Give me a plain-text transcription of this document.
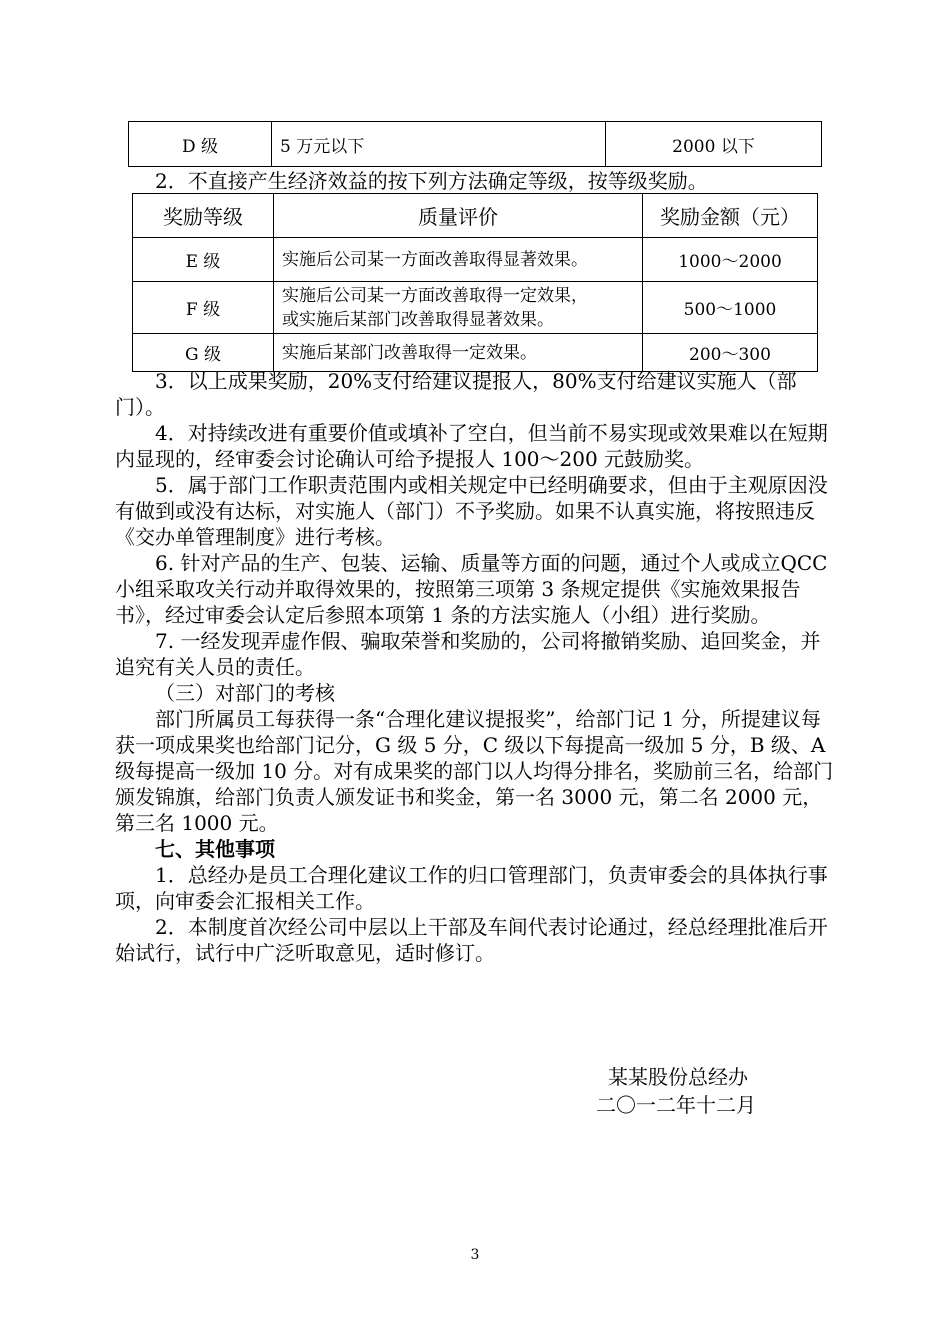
D 级	5 万元以下	2000 以下

2．不直接产生经济效益的按下列方法确定等级，按等级奖励。

奖励等级	质量评价	奖励金额（元）
E 级	实施后公司某一方面改善取得显著效果。	1000～2000
F 级	实施后公司某一方面改善取得一定效果，
或实施后某部门改善取得显著效果。	500～1000
G 级	实施后某部门改善取得一定效果。	200～300

3．以上成果奖励，20%支付给建议提报人，80%支付给建议实施人（部门）。

4．对持续改进有重要价值或填补了空白，但当前不易实现或效果难以在短期内显现的，经审委会讨论确认可给予提报人 100～200 元鼓励奖。

5．属于部门工作职责范围内或相关规定中已经明确要求，但由于主观原因没有做到或没有达标，对实施人（部门）不予奖励。如果不认真实施，将按照违反《交办单管理制度》进行考核。

6. 针对产品的生产、包装、运输、质量等方面的问题，通过个人或成立QCC 小组采取攻关行动并取得效果的，按照第三项第 3 条规定提供《实施效果报告书》，经过审委会认定后参照本项第 1 条的方法实施人（小组）进行奖励。

7. 一经发现弄虚作假、骗取荣誉和奖励的，公司将撤销奖励、追回奖金，并追究有关人员的责任。

（三）对部门的考核

部门所属员工每获得一条“合理化建议提报奖”，给部门记 1 分，所提建议每获一项成果奖也给部门记分，G 级 5 分，C 级以下每提高一级加 5 分，B 级、A 级每提高一级加 10 分。对有成果奖的部门以人均得分排名，奖励前三名，给部门颁发锦旗，给部门负责人颁发证书和奖金，第一名 3000 元，第二名 2000 元，第三名 1000 元。

七、其他事项

1．总经办是员工合理化建议工作的归口管理部门，负责审委会的具体执行事项，向审委会汇报相关工作。

2．本制度首次经公司中层以上干部及车间代表讨论通过，经总经理批准后开始试行，试行中广泛听取意见，适时修订。

某某股份总经办
二〇一二年十二月
3
